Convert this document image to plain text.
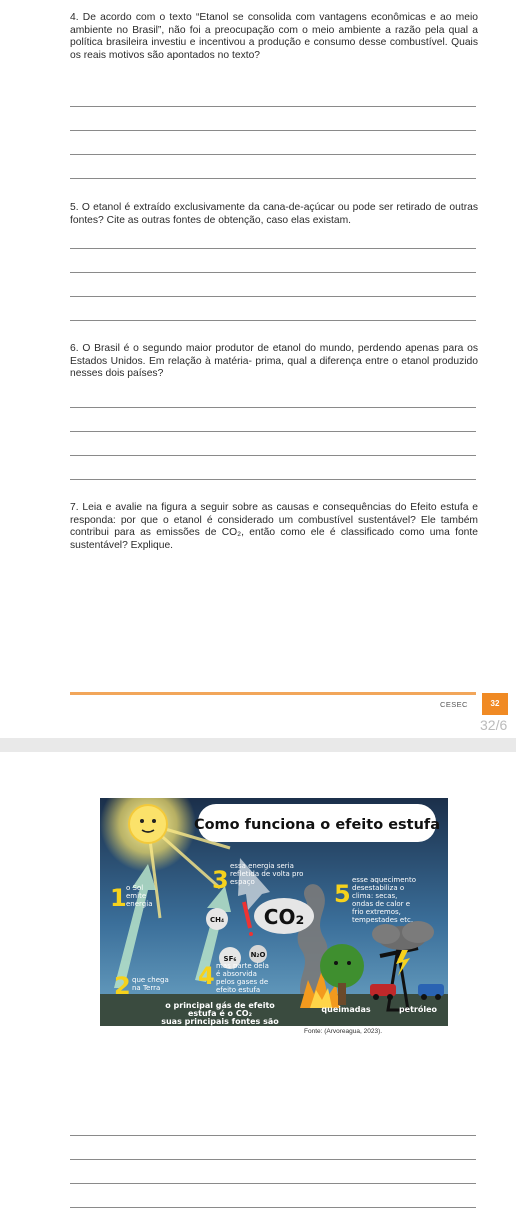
4. De acordo com o texto “Etanol se consolida com vantagens econômicas e ao meio ambiente no Brasil”, não foi a preocupação com o meio ambiente a razão pela qual a política brasileira investiu e incentivou a produção e consumo desse combustível. Quais os reais motivos são apontados no texto?
5. O etanol é extraído exclusivamente da cana-de-açúcar ou pode ser retirado de outras fontes? Cite as outras fontes de obtenção, caso elas existam.
6. O Brasil é o segundo maior produtor de etanol do mundo, perdendo apenas para os Estados Unidos. Em relação à matéria- prima, qual a diferença entre o etanol produzido nesses dois países?
7. Leia e avalie na figura a seguir sobre as causas e consequências do Efeito estufa e responda: por que o etanol é considerado um combustível sustentável? Ele também contribui para as emissões de CO₂, então como ele é classificado como uma fonte sustentável? Explique.
CESEC	32
32/6
Como funciona o efeito estufa
CH₄
SF₆ N₂O
CO₂
1 o Sol
emite
energia
3 essa energia seria
refletida de volta pro
espaço	5 esse aquecimento
desestabiliza o
clima: secas,
ondas de calor e
frio extremos,
tempestades etc.
2 que chega
na Terra 4 mas parte dela
é absorvida
pelos gases de
efeito estufa
o principal gás de efeito
estufa é o CO₂
suas principais fontes são
queimadas	petróleo
Fonte: (Arvoreagua, 2023).
